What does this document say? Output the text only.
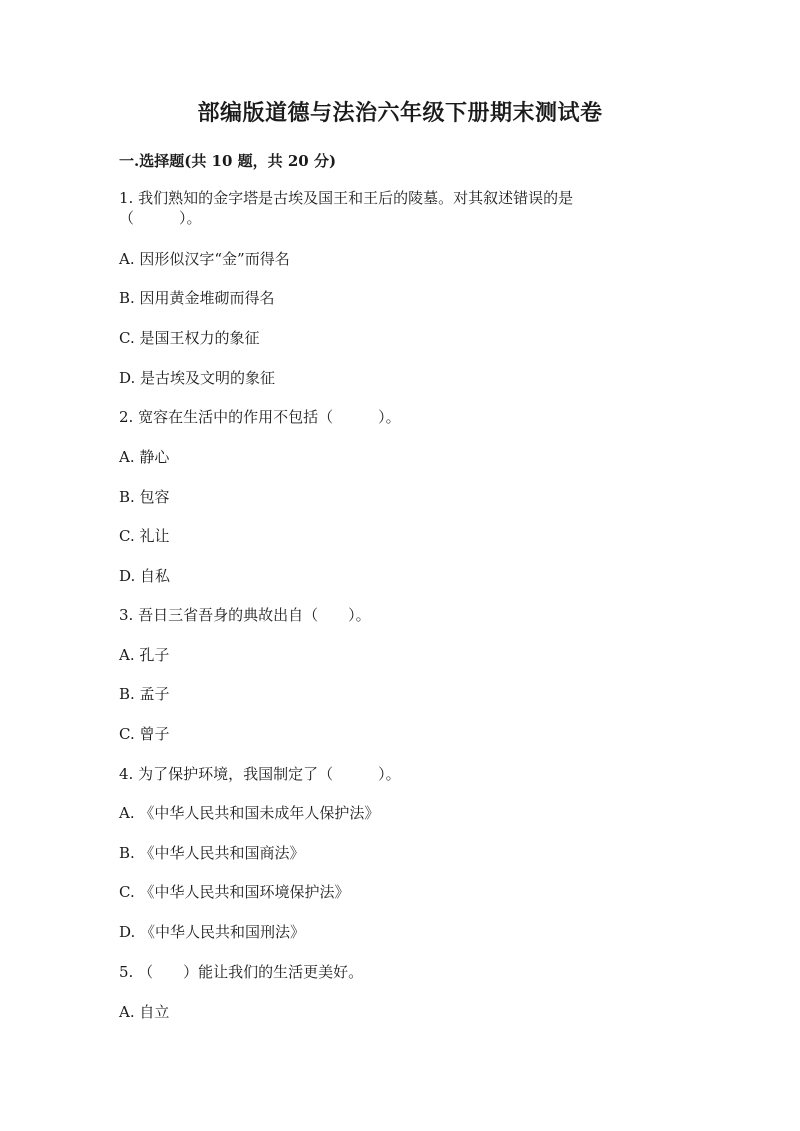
部编版道德与法治六年级下册期末测试卷
一.选择题(共 10 题，共 20 分)
1. 我们熟知的金字塔是古埃及国王和王后的陵墓。对其叙述错误的是
（　　　）。
A. 因形似汉字“金”而得名
B. 因用黄金堆砌而得名
C. 是国王权力的象征
D. 是古埃及文明的象征
2. 宽容在生活中的作用不包括（　　　）。
A. 静心
B. 包容
C. 礼让
D. 自私
3. 吾日三省吾身的典故出自（　　）。
A. 孔子
B. 孟子
C. 曾子
4. 为了保护环境，我国制定了（　　　）。
A. 《中华人民共和国未成年人保护法》
B. 《中华人民共和国商法》
C. 《中华人民共和国环境保护法》
D. 《中华人民共和国刑法》
5. （　　）能让我们的生活更美好。
A. 自立
